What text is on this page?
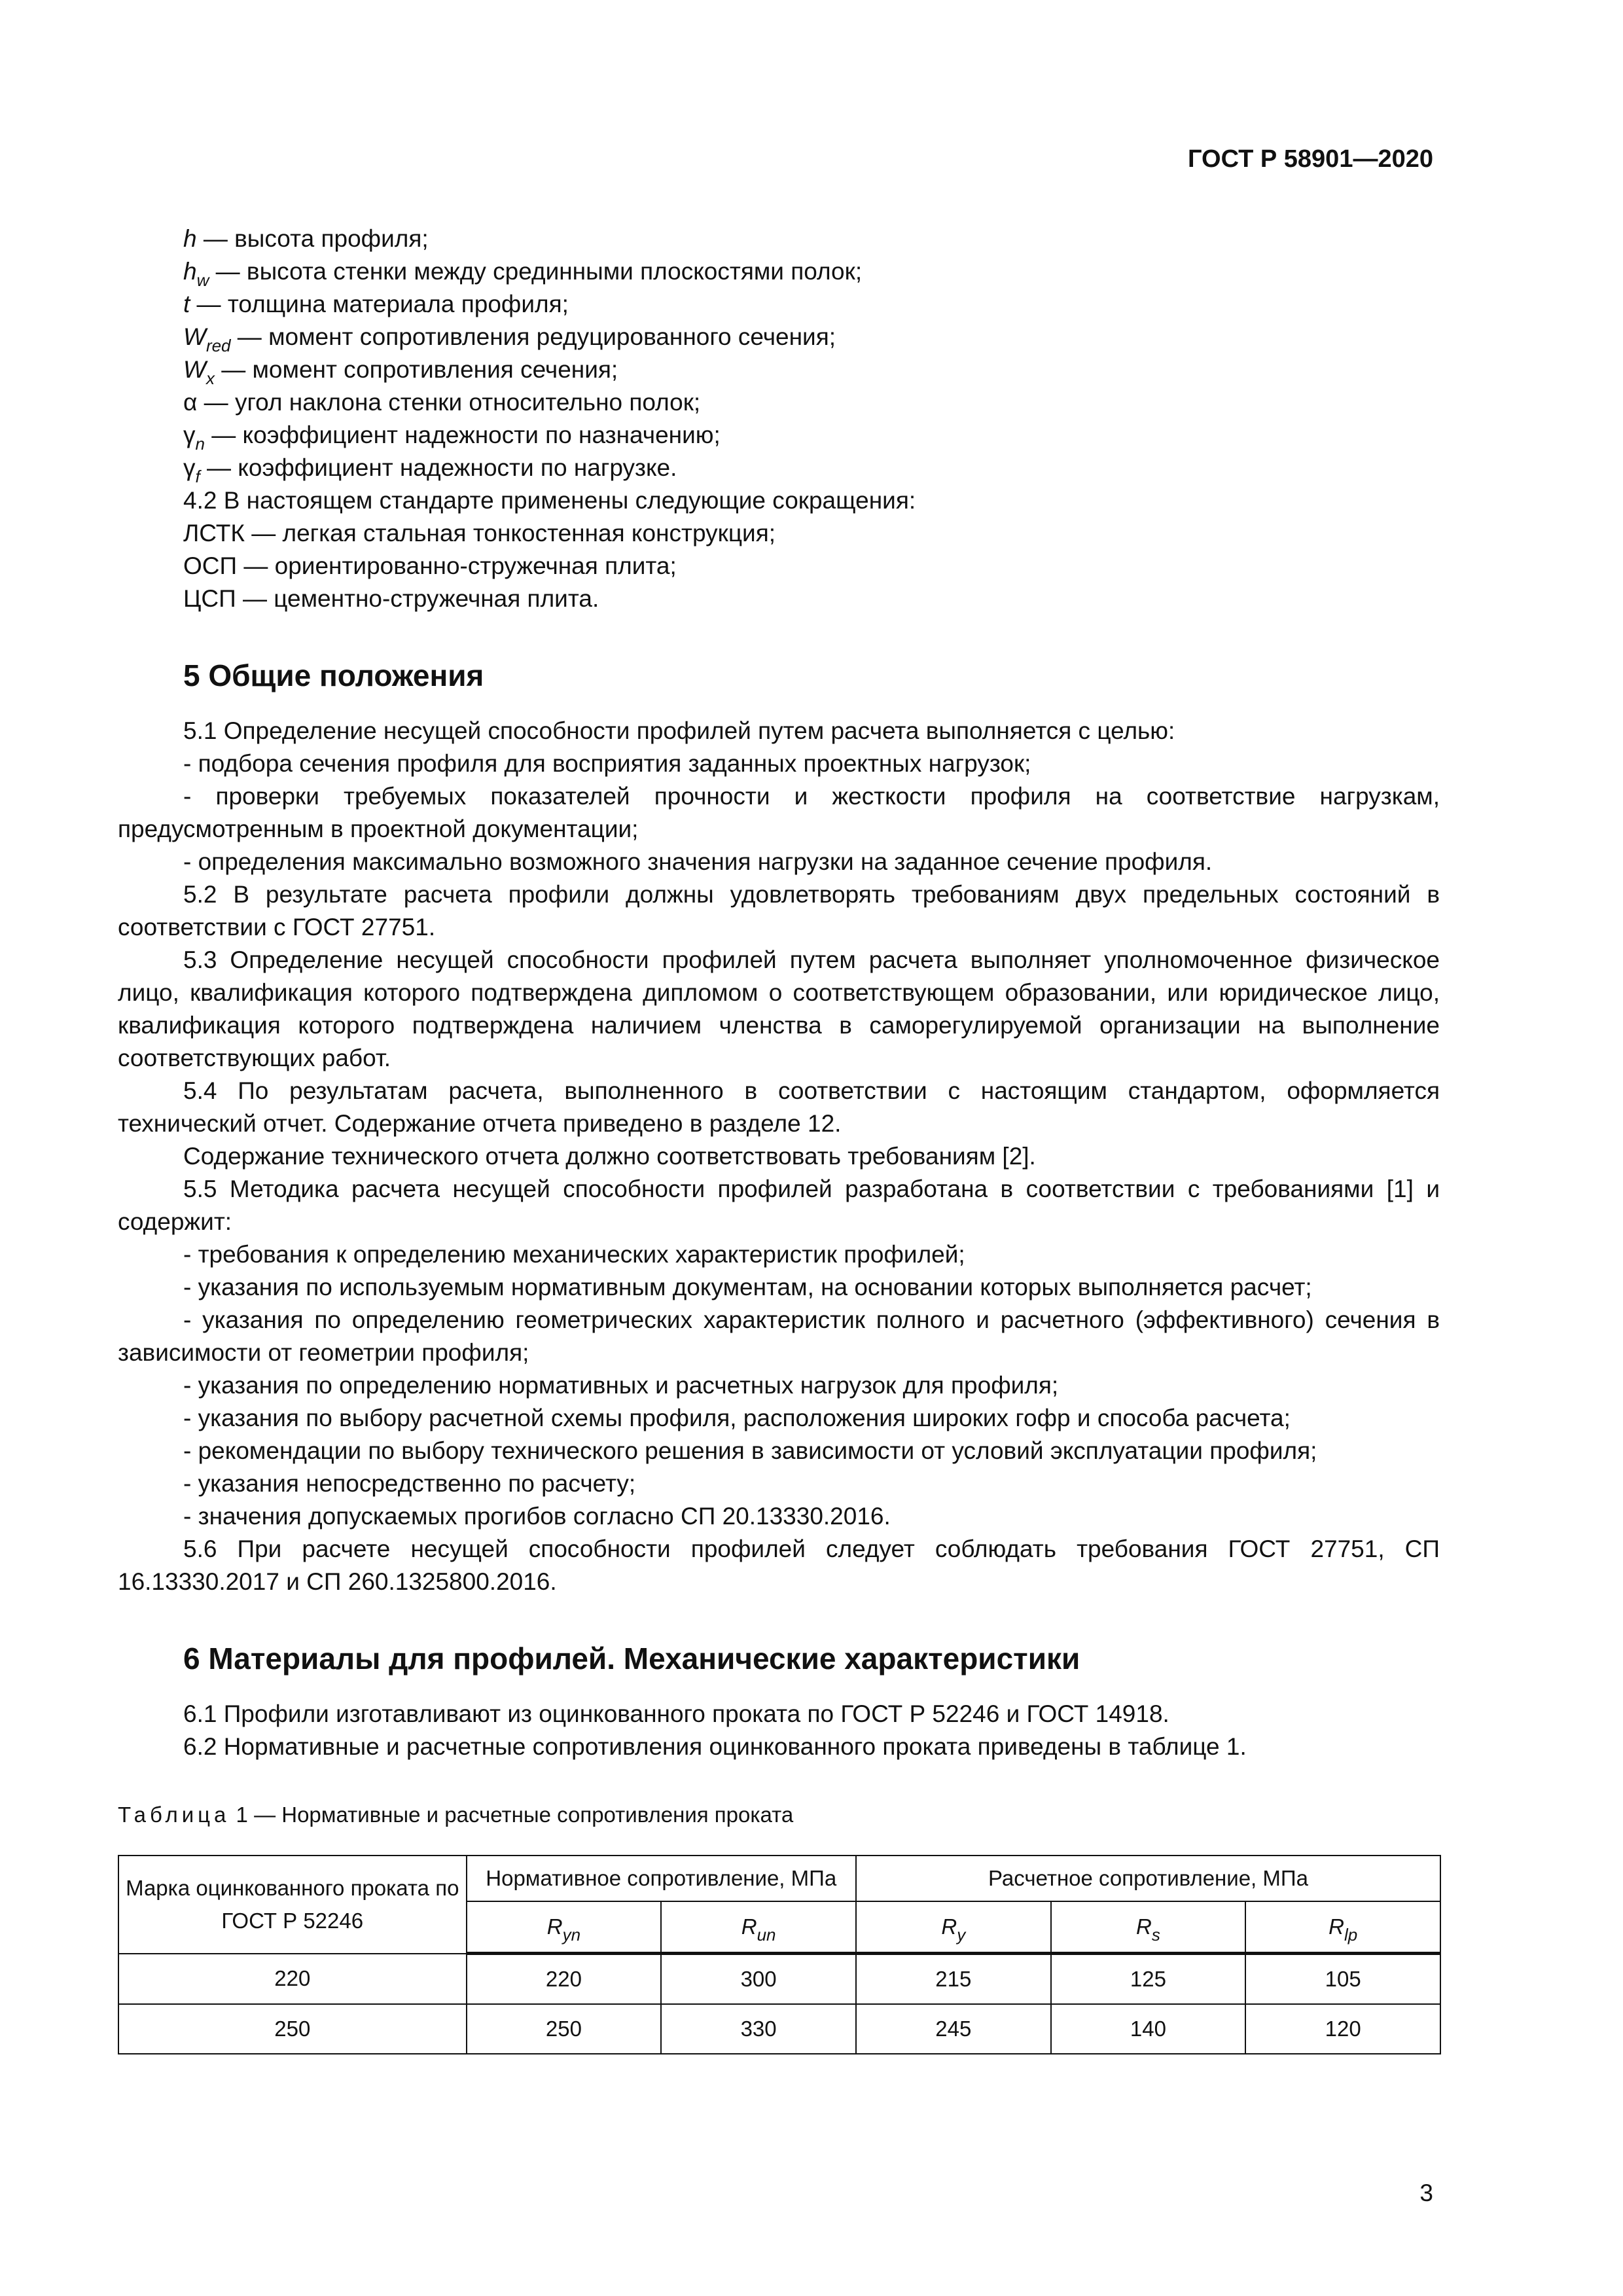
ГОСТ Р 58901—2020
h — высота профиля;
$h_w$ — высота стенки между срединными плоскостями полок;
t — толщина материала профиля;
$W_{red}$ — момент сопротивления редуцированного сечения;
$W_x$ — момент сопротивления сечения;
α — угол наклона стенки относительно полок;
$\gamma_n$ — коэффициент надежности по назначению;
$\gamma_f$ — коэффициент надежности по нагрузке.
4.2 В настоящем стандарте применены следующие сокращения:
ЛСТК — легкая стальная тонкостенная конструкция;
ОСП — ориентированно-стружечная плита;
ЦСП — цементно-стружечная плита.
5 Общие положения

5.1 Определение несущей способности профилей путем расчета выполняется с целью:

- подбора сечения профиля для восприятия заданных проектных нагрузок;

- проверки требуемых показателей прочности и жесткости профиля на соответствие нагрузкам, предусмотренным в проектной документации;

- определения максимально возможного значения нагрузки на заданное сечение профиля.

5.2 В результате расчета профили должны удовлетворять требованиям двух предельных состояний в соответствии с ГОСТ 27751.

5.3 Определение несущей способности профилей путем расчета выполняет уполномоченное физическое лицо, квалификация которого подтверждена дипломом о соответствующем образовании, или юридическое лицо, квалификация которого подтверждена наличием членства в саморегулируемой организации на выполнение соответствующих работ.

5.4 По результатам расчета, выполненного в соответствии с настоящим стандартом, оформляется технический отчет. Содержание отчета приведено в разделе 12.

Содержание технического отчета должно соответствовать требованиям [2].

5.5 Методика расчета несущей способности профилей разработана в соответствии с требованиями [1] и содержит:

- требования к определению механических характеристик профилей;

- указания по используемым нормативным документам, на основании которых выполняется расчет;

- указания по определению геометрических характеристик полного и расчетного (эффективного) сечения в зависимости от геометрии профиля;

- указания по определению нормативных и расчетных нагрузок для профиля;

- указания по выбору расчетной схемы профиля, расположения широких гофр и способа расчета;

- рекомендации по выбору технического решения в зависимости от условий эксплуатации профиля;

- указания непосредственно по расчету;

- значения допускаемых прогибов согласно СП 20.13330.2016.

5.6 При расчете несущей способности профилей следует соблюдать требования ГОСТ 27751, СП 16.13330.2017 и СП 260.1325800.2016.

6 Материалы для профилей. Механические характеристики

6.1 Профили изготавливают из оцинкованного проката по ГОСТ Р 52246 и ГОСТ 14918.

6.2 Нормативные и расчетные сопротивления оцинкованного проката приведены в таблице 1.

Таблица 1 — Нормативные и расчетные сопротивления проката
Марка оцинкованного проката по ГОСТ Р 52246	Нормативное сопротивление, МПа		Расчетное сопротивление, МПа		
	$R_{yn}$	$R_{un}$	$R_y$	$R_s$	$R_{lp}$
220	220	300	215	125	105
250	250	330	245	140	120
3
